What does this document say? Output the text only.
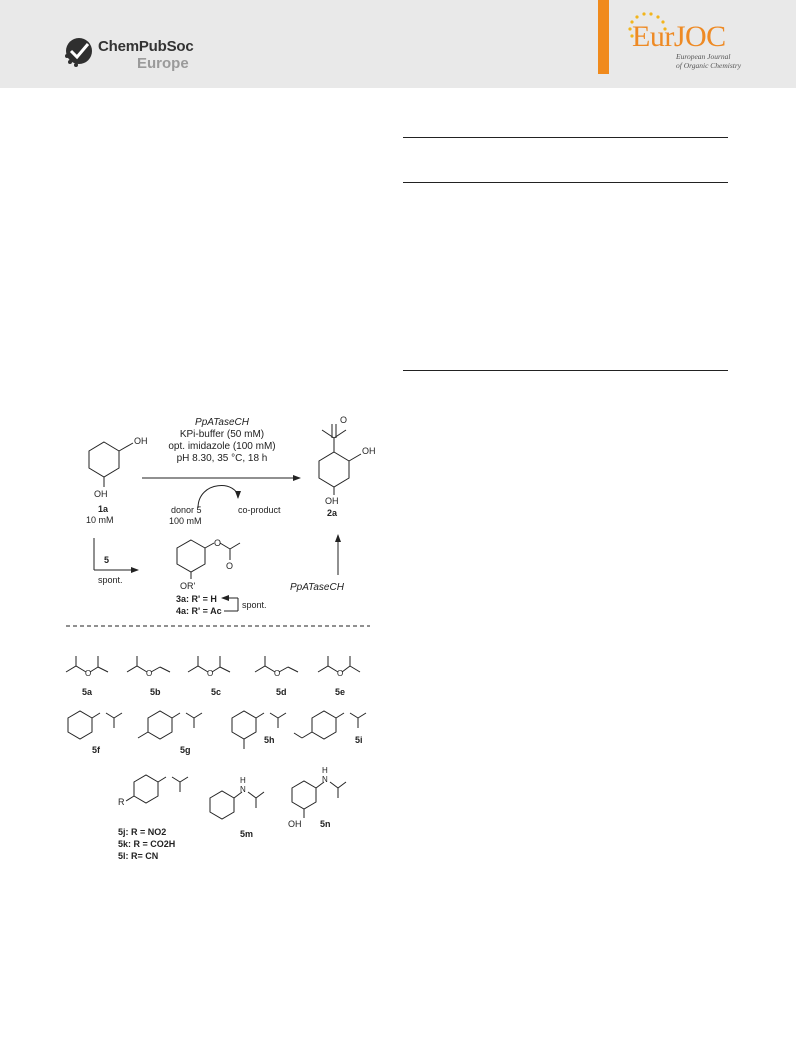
ChemPubSoc
Europe
EurJOC
European Journal
of Organic Chemistry
PpATaseCH
KPi-buffer (50 mM)
opt. imidazole (100 mM)
pH 8.30, 35 °C, 18 h
OH
OH
1a
10 mM
donor 5
100 mM
co-product
O
OH
OH
2a
5
spont.
O
O
OR'
3a: R' = H
4a: R' = Ac
spont.
PpATaseCH
O	O	O	O	O
5a	5b	5c	5d	5e
5f	5g
5h	5i
R
5j: R = NO2
5k: R = CO2H
5l: R= CN
N
H
5m
N
H
OH 5n
